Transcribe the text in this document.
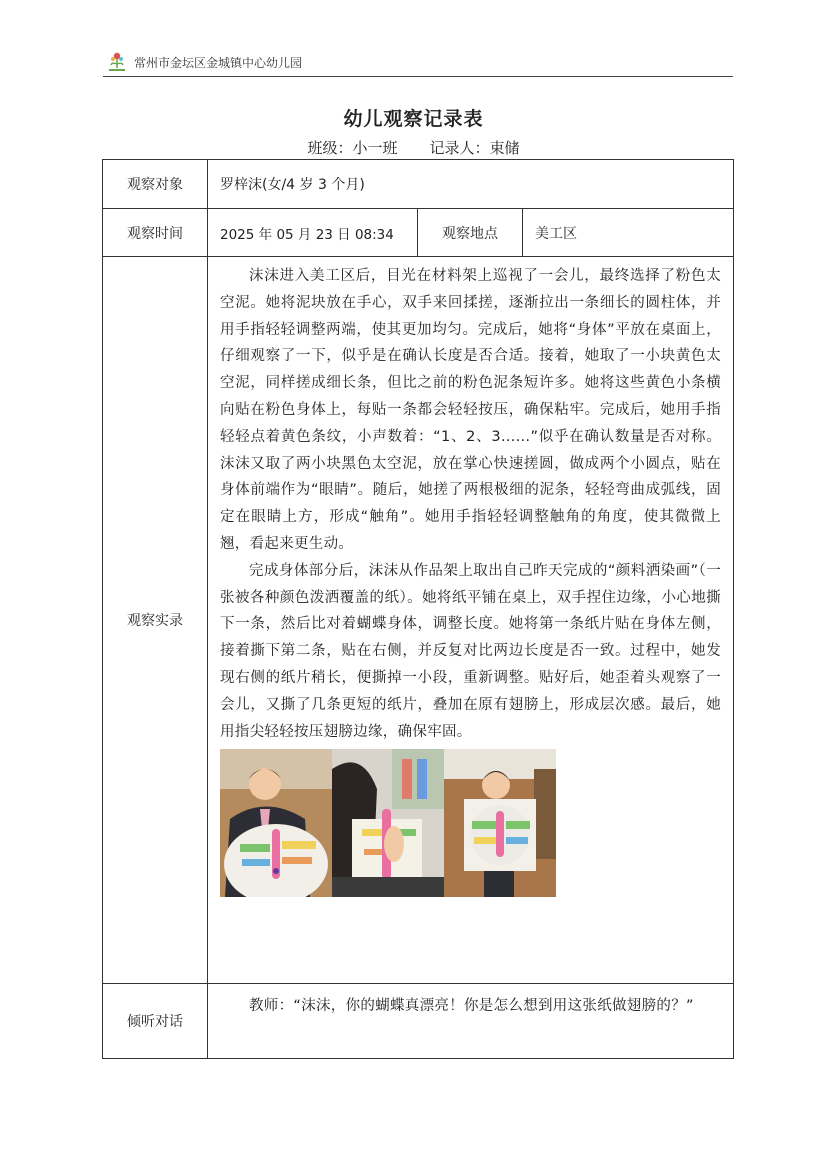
常州市金坛区金城镇中心幼儿园
幼儿观察记录表
班级：小一班 记录人：束储
观察对象	罗梓沫(女/4 岁 3 个月)		
观察时间	2025 年 05 月 23 日 08:34	观察地点	美工区
观察实录	沫沫进入美工区后，目光在材料架上巡视了一会儿，最终选择了粉色太空泥。她将泥块放在手心，双手来回揉搓，逐渐拉出一条细长的圆柱体，并用手指轻轻调整两端，使其更加均匀。完成后，她将“身体”平放在桌面上，仔细观察了一下，似乎是在确认长度是否合适。接着，她取了一小块黄色太空泥，同样搓成细长条，但比之前的粉色泥条短许多。她将这些黄色小条横向贴在粉色身体上，每贴一条都会轻轻按压，确保粘牢。完成后，她用手指轻轻点着黄色条纹，小声数着：“1、2、3……”似乎在确认数量是否对称。沫沫又取了两小块黑色太空泥，放在掌心快速搓圆，做成两个小圆点，贴在身体前端作为“眼睛”。随后，她搓了两根极细的泥条，轻轻弯曲成弧线，固定在眼睛上方，形成“触角”。她用手指轻轻调整触角的角度，使其微微上翘，看起来更生动。

完成身体部分后，沫沫从作品架上取出自己昨天完成的“颜料洒染画”（一张被各种颜色泼洒覆盖的纸）。她将纸平铺在桌上，双手捏住边缘，小心地撕下一条，然后比对着蝴蝶身体，调整长度。她将第一条纸片贴在身体左侧，接着撕下第二条，贴在右侧，并反复对比两边长度是否一致。过程中，她发现右侧的纸片稍长，便撕掉一小段，重新调整。贴好后，她歪着头观察了一会儿，又撕了几条更短的纸片，叠加在原有翅膀上，形成层次感。最后，她用指尖轻轻按压翅膀边缘，确保牢固。		

倾听对话	教师：“沫沫，你的蝴蝶真漂亮！你是怎么想到用这张纸做翅膀的？”		
